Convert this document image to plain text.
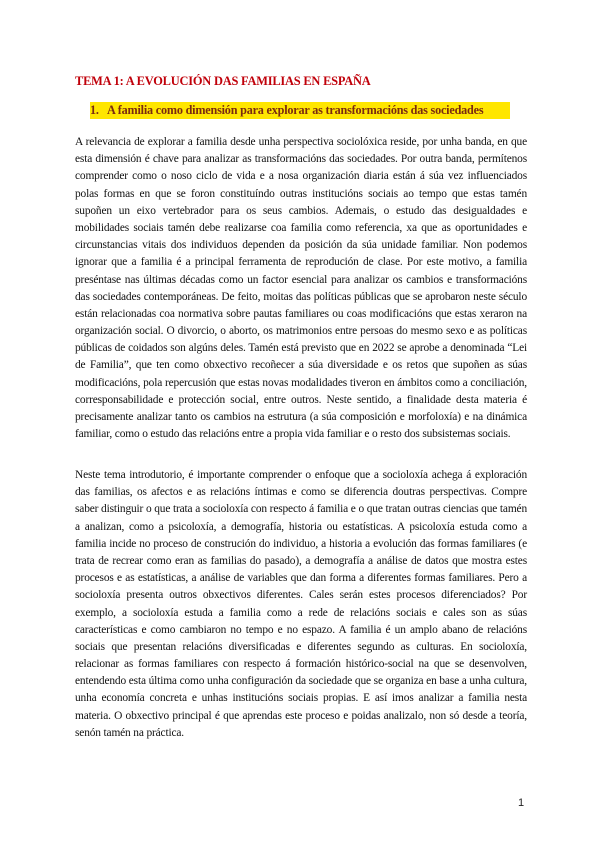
TEMA 1: A EVOLUCIÓN DAS FAMILIAS EN ESPAÑA
1. A familia como dimensión para explorar as transformacións das sociedades

A relevancia de explorar a familia desde unha perspectiva sociolóxica reside, por unha banda, en que esta dimensión é chave para analizar as transformacións das sociedades. Por outra banda, permítenos comprender como o noso ciclo de vida e a nosa organización diaria están á súa vez influenciados polas formas en que se foron constituíndo outras institucións sociais ao tempo que estas tamén supoñen un eixo vertebrador para os seus cambios. Ademais, o estudo das desigualdades e mobilidades sociais tamén debe realizarse coa familia como referencia, xa que as oportunidades e circunstancias vitais dos individuos dependen da posición da súa unidade familiar. Non podemos ignorar que a familia é a principal ferramenta de reprodución de clase. Por este motivo, a familia preséntase nas últimas décadas como un factor esencial para analizar os cambios e transformacións das sociedades contemporáneas. De feito, moitas das políticas públicas que se aprobaron neste século están relacionadas coa normativa sobre pautas familiares ou coas modificacións que estas xeraron na organización social. O divorcio, o aborto, os matrimonios entre persoas do mesmo sexo e as políticas públicas de coidados son algúns deles. Tamén está previsto que en 2022 se aprobe a denominada “Lei de Familia”, que ten como obxectivo recoñecer a súa diversidade e os retos que supoñen as súas modificacións, pola repercusión que estas novas modalidades tiveron en ámbitos como a conciliación, corresponsabilidade e protección social, entre outros. Neste sentido, a finalidade desta materia é precisamente analizar tanto os cambios na estrutura (a súa composición e morfoloxía) e na dinámica familiar, como o estudo das relacións entre a propia vida familiar e o resto dos subsistemas sociais.

Neste tema introdutorio, é importante comprender o enfoque que a socioloxía achega á exploración das familias, os afectos e as relacións íntimas e como se diferencia doutras perspectivas. Compre saber distinguir o que trata a socioloxía con respecto á familia e o que tratan outras ciencias que tamén a analizan, como a psicoloxía, a demografía, historia ou estatísticas. A psicoloxía estuda como a familia incide no proceso de construción do individuo, a historia a evolución das formas familiares (e trata de recrear como eran as familias do pasado), a demografía a análise de datos que mostra estes procesos e as estatísticas, a análise de variables que dan forma a diferentes formas familiares. Pero a socioloxía presenta outros obxectivos diferentes. Cales serán estes procesos diferenciados? Por exemplo, a socioloxía estuda a familia como a rede de relacións sociais e cales son as súas características e como cambiaron no tempo e no espazo. A familia é un amplo abano de relacións sociais que presentan relacións diversificadas e diferentes segundo as culturas. En socioloxía, relacionar as formas familiares con respecto á formación histórico-social na que se desenvolven, entendendo esta última como unha configuración da sociedade que se organiza en base a unha cultura, unha economía concreta e unhas institucións sociais propias. E así imos analizar a familia nesta materia. O obxectivo principal é que aprendas este proceso e poidas analizalo, non só desde a teoría, senón tamén na práctica.

1
